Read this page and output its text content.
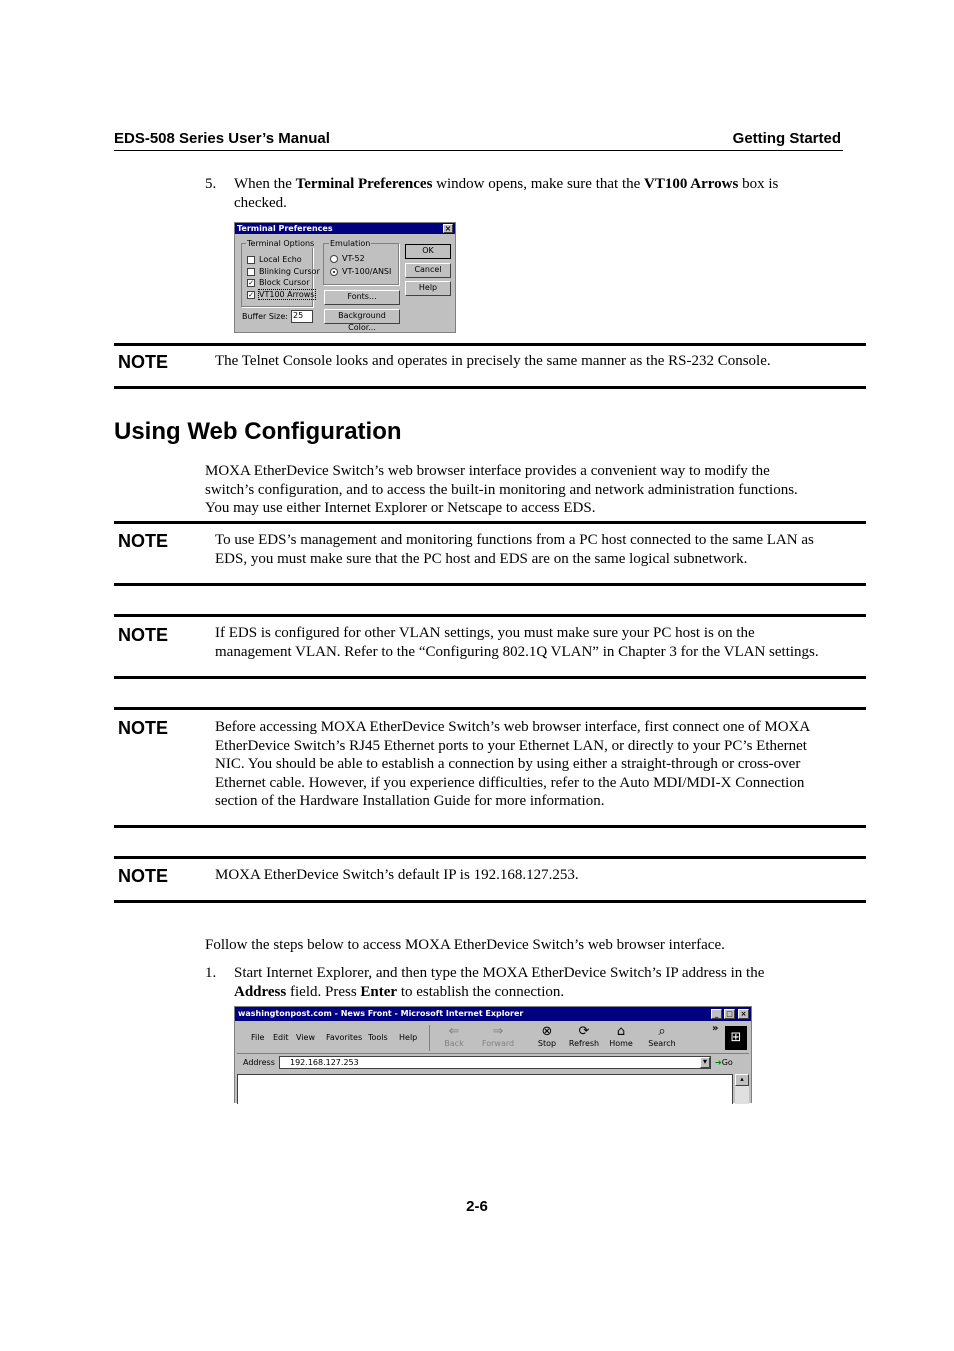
EDS-508 Series User’s Manual	Getting Started
5. When the Terminal Preferences window opens, make sure that the VT100 Arrows box is
checked.
Terminal Preferences	×
Terminal Options
Local Echo
Blinking Cursor
✓ Block Cursor
✓ VT100 Arrows
Emulation
VT-52
VT-100/ANSI
OK
Cancel
Help
Fonts...
Buffer Size: 25	Background Color...
NOTE	The Telnet Console looks and operates in precisely the same manner as the RS-232 Console.
Using Web Configuration
MOXA EtherDevice Switch’s web browser interface provides a convenient way to modify the
switch’s configuration, and to access the built-in monitoring and network administration functions.
You may use either Internet Explorer or Netscape to access EDS.
NOTE	To use EDS’s management and monitoring functions from a PC host connected to the same LAN as
EDS, you must make sure that the PC host and EDS are on the same logical subnetwork.
NOTE	If EDS is configured for other VLAN settings, you must make sure your PC host is on the
management VLAN. Refer to the “Configuring 802.1Q VLAN” in Chapter 3 for the VLAN settings.
NOTE	Before accessing MOXA EtherDevice Switch’s web browser interface, first connect one of MOXA
EtherDevice Switch’s RJ45 Ethernet ports to your Ethernet LAN, or directly to your PC’s Ethernet
NIC. You should be able to establish a connection by using either a straight-through or cross-over
Ethernet cable. However, if you experience difficulties, refer to the Auto MDI/MDI-X Connection
section of the Hardware Installation Guide for more information.
NOTE	MOXA EtherDevice Switch’s default IP is 192.168.127.253.
Follow the steps below to access MOXA EtherDevice Switch’s web browser interface.
1. Start Internet Explorer, and then type the MOXA EtherDevice Switch’s IP address in the
Address field. Press Enter to establish the connection.
washingtonpost.com - News Front - Microsoft Internet Explorer	_	□	×
File Edit View Favorites Tools Help ⇐
Back
⇒
Forward
⊗
Stop
⟳
Refresh
⌂
Home
⌕
Search
»
⊞
Address	192.168.127.253	▾	➔Go
▴
2-6
